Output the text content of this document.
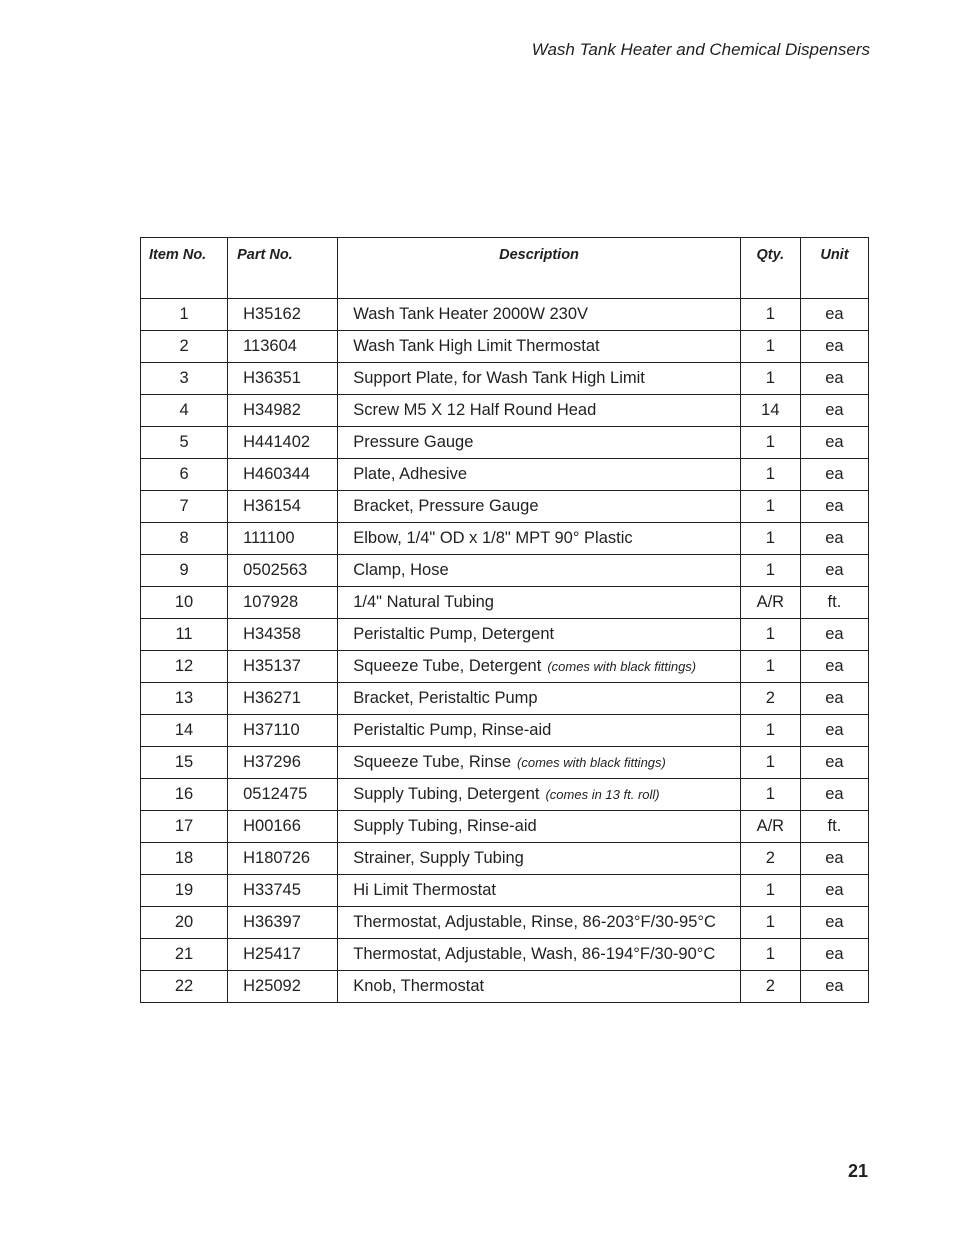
Wash Tank Heater and Chemical Dispensers
Item No.	Part No.	Description	Qty.	Unit
1	H35162	Wash Tank Heater 2000W 230V	1	ea
2	113604	Wash Tank High Limit Thermostat	1	ea
3	H36351	Support Plate, for Wash Tank High Limit	1	ea
4	H34982	Screw M5 X 12 Half Round Head	14	ea
5	H441402	Pressure Gauge	1	ea
6	H460344	Plate, Adhesive	1	ea
7	H36154	Bracket, Pressure Gauge	1	ea
8	111100	Elbow, 1/4" OD x 1/8" MPT 90° Plastic	1	ea
9	0502563	Clamp, Hose	1	ea
10	107928	1/4" Natural Tubing	A/R	ft.
11	H34358	Peristaltic Pump, Detergent	1	ea
12	H35137	Squeeze Tube, Detergent (comes with black fittings)	1	ea
13	H36271	Bracket, Peristaltic Pump	2	ea
14	H37110	Peristaltic Pump, Rinse-aid	1	ea
15	H37296	Squeeze Tube, Rinse (comes with black fittings)	1	ea
16	0512475	Supply Tubing, Detergent (comes in 13 ft. roll)	1	ea
17	H00166	Supply Tubing, Rinse-aid	A/R	ft.
18	H180726	Strainer, Supply Tubing	2	ea
19	H33745	Hi Limit Thermostat	1	ea
20	H36397	Thermostat, Adjustable, Rinse, 86-203°F/30-95°C	1	ea
21	H25417	Thermostat, Adjustable, Wash, 86-194°F/30-90°C	1	ea
22	H25092	Knob, Thermostat	2	ea
21
